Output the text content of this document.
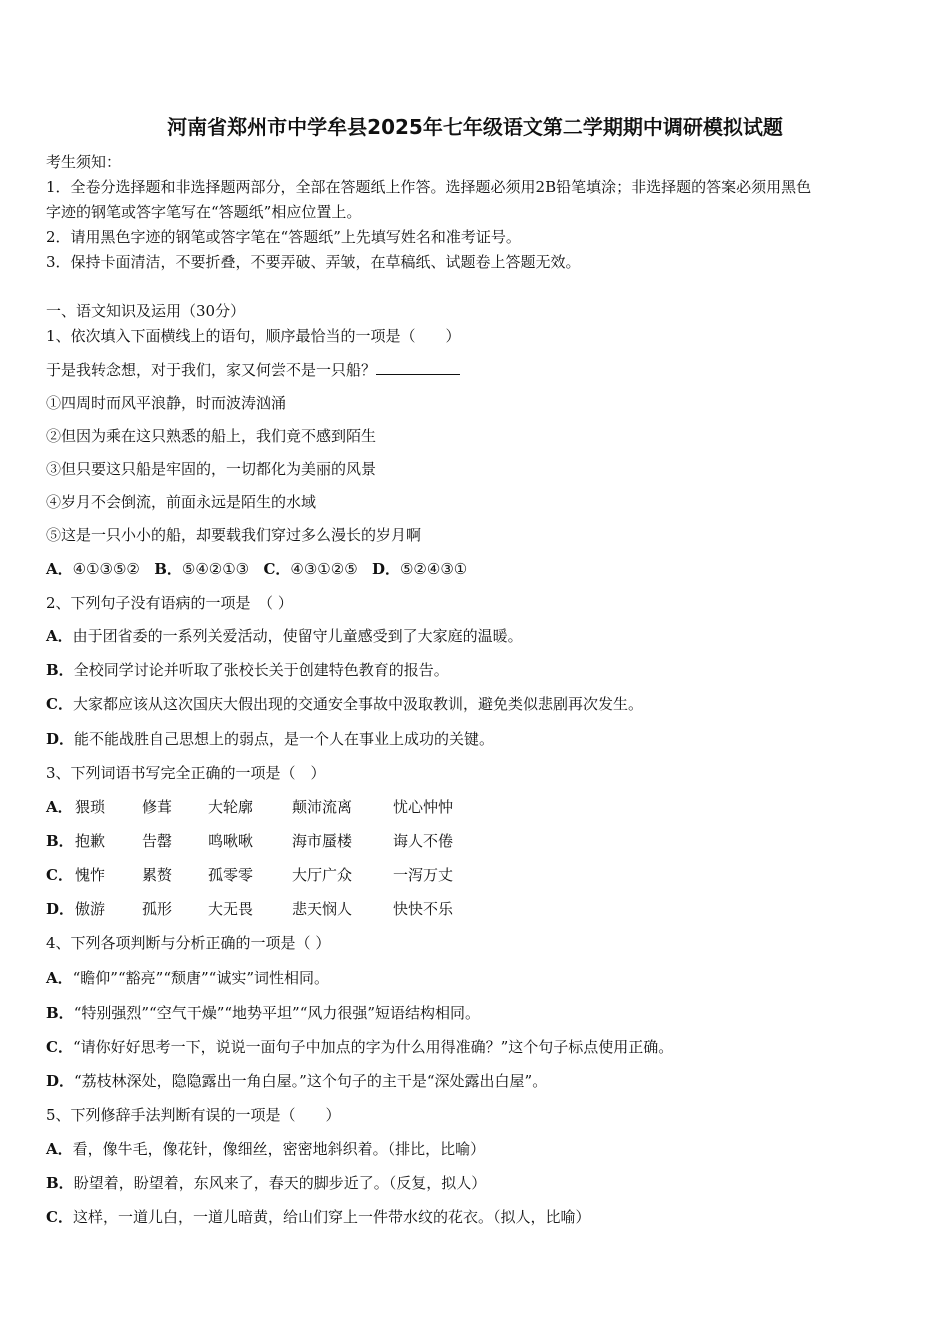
河南省郑州市中学牟县2025年七年级语文第二学期期中调研模拟试题
考生须知：
1．全卷分选择题和非选择题两部分，全部在答题纸上作答。选择题必须用2B铅笔填涂；非选择题的答案必须用黑色
字迹的钢笔或答字笔写在“答题纸”相应位置上。
2．请用黑色字迹的钢笔或答字笔在“答题纸”上先填写姓名和准考证号。
3．保持卡面清洁，不要折叠，不要弄破、弄皱，在草稿纸、试题卷上答题无效。
一、语文知识及运用（30分）
1、依次填入下面横线上的语句，顺序最恰当的一项是（　　）
于是我转念想，对于我们，家又何尝不是一只船？
①四周时而风平浪静，时而波涛汹涌
②但因为乘在这只熟悉的船上，我们竟不感到陌生
③但只要这只船是牢固的，一切都化为美丽的风景
④岁月不会倒流，前面永远是陌生的水域
⑤这是一只小小的船，却要载我们穿过多么漫长的岁月啊
A．④①③⑤② B．⑤④②①③ C．④③①②⑤ D．⑤②④③①
2、下列句子没有语病的一项是　（ ）
A．由于团省委的一系列关爱活动，使留守儿童感受到了大家庭的温暖。
B．全校同学讨论并听取了张校长关于创建特色教育的报告。
C．大家都应该从这次国庆大假出现的交通安全事故中汲取教训，避免类似悲剧再次发生。
D．能不能战胜自己思想上的弱点，是一个人在事业上成功的关键。
3、下列词语书写完全正确的一项是（　）
A． 猥琐 修葺 大轮廓	颠沛流离	忧心忡忡
B． 抱歉 告罄 鸣啾啾	海市蜃楼	诲人不倦
C． 愧怍 累赘 孤零零	大厅广众	一泻万丈
D． 傲游 孤形 大无畏	悲天悯人	快快不乐
4、下列各项判断与分析正确的一项是（ ）
A．“瞻仰”“豁亮”“颓唐”“诚实”词性相同。
B．“特别强烈”“空气干燥”“地势平坦”“风力很强”短语结构相同。
C．“请你好好思考一下，说说一面句子中加点的字为什么用得准确？”这个句子标点使用正确。
D．“荔枝林深处，隐隐露出一角白屋。”这个句子的主干是“深处露出白屋”。
5、下列修辞手法判断有误的一项是（　　）
A．看，像牛毛，像花针，像细丝，密密地斜织着。（排比，比喻）
B．盼望着，盼望着，东风来了，春天的脚步近了。（反复，拟人）
C．这样，一道儿白，一道儿暗黄，给山们穿上一件带水纹的花衣。（拟人，比喻）
